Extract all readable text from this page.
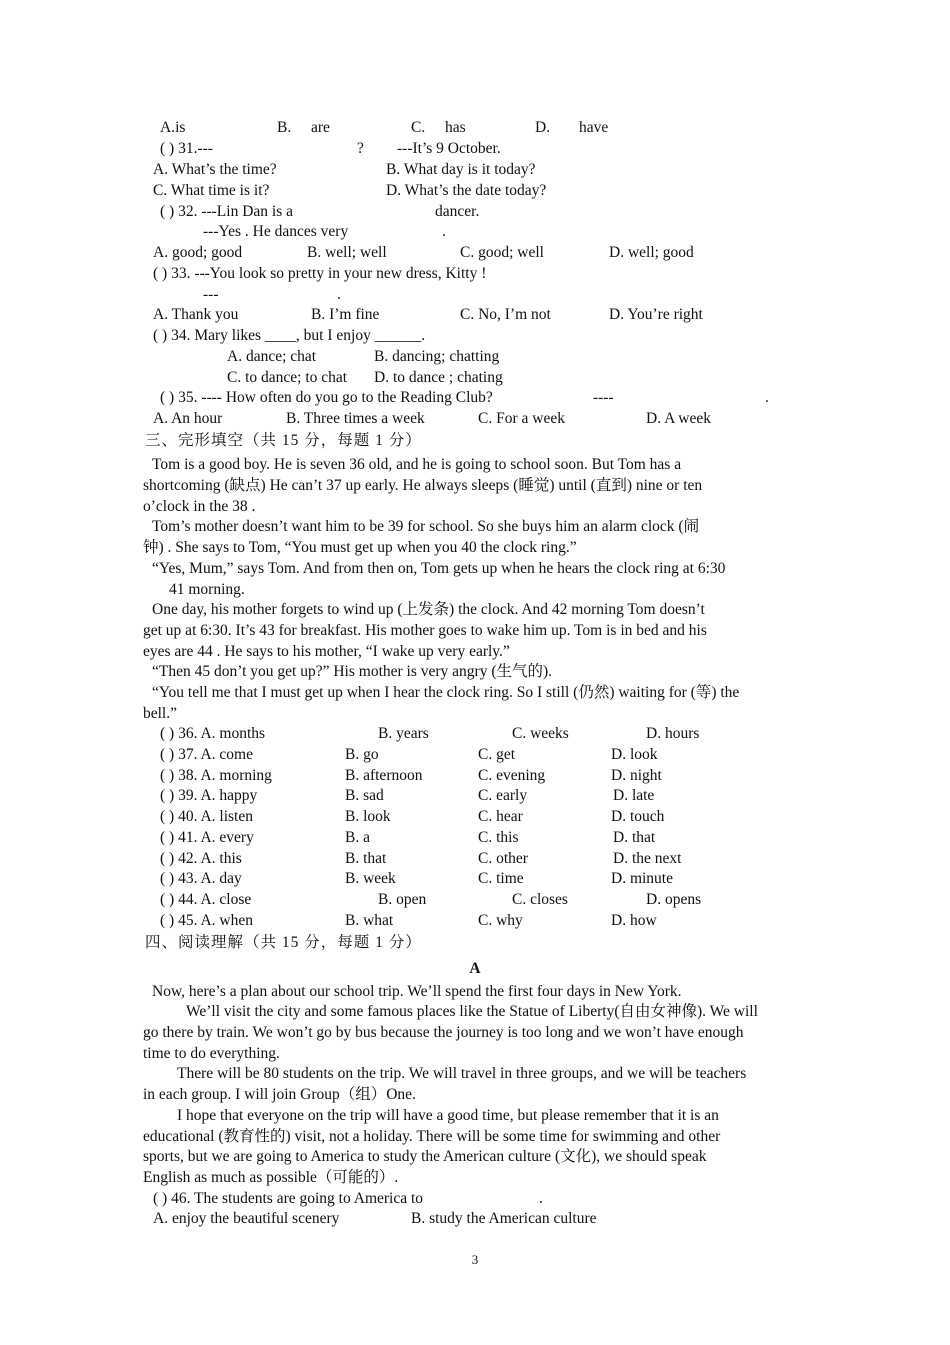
A.is	B. are	C. has	D. have
( ) 31.---	? ---It’s 9 October.
A. What’s the time?	B. What day is it today?
C. What time is it?	D. What’s the date today?
( ) 32. ---Lin Dan is a	dancer.
---Yes . He dances very	.
A. good; good	B. well; well	C. good; well	D. well; good
( ) 33. ---You look so pretty in your new dress, Kitty !
---	.
A. Thank you	B. I’m fine	C. No, I’m not	D. You’re right
( ) 34. Mary likes ____, but I enjoy ______.
A. dance; chat	B. dancing; chatting
C. to dance; to chat D. to dance ; chating
( ) 35. ---- How often do you go to the Reading Club?	----	.
A. An hour	B. Three times a week	C. For a week	D. A week
三、完形填空（共 15 分，每题 1 分）
Tom is a good boy. He is seven 36 old, and he is going to school soon. But Tom has a
shortcoming (缺点) He can’t 37 up early. He always sleeps (睡觉) until (直到) nine or ten
o’clock in the 38 .
Tom’s mother doesn’t want him to be 39 for school. So she buys him an alarm clock (闹
钟) . She says to Tom, “You must get up when you 40 the clock ring.”
“Yes, Mum,” says Tom. And from then on, Tom gets up when he hears the clock ring at 6:30
41 morning.
One day, his mother forgets to wind up (上发条) the clock. And 42 morning Tom doesn’t
get up at 6:30. It’s 43 for breakfast. His mother goes to wake him up. Tom is in bed and his
eyes are 44 . He says to his mother, “I wake up very early.”
“Then 45 don’t you get up?” His mother is very angry (生气的).
“You tell me that I must get up when I hear the clock ring. So I still (仍然) waiting for (等) the
bell.”
( ) 36. A. months	B. years	C. weeks	D. hours
( ) 37. A. come	B. go	C. get	D. look
( ) 38. A. morning	B. afternoon	C. evening	D. night
( ) 39. A. happy	B. sad	C. early	D. late
( ) 40. A. listen	B. look	C. hear	D. touch
( ) 41. A. every	B. a	C. this	D. that
( ) 42. A. this	B. that	C. other	D. the next
( ) 43. A. day	B. week	C. time	D. minute
( ) 44. A. close	B. open	C. closes	D. opens
( ) 45. A. when	B. what	C. why	D. how
四、阅读理解（共 15 分，每题 1 分）
A
Now, here’s a plan about our school trip. We’ll spend the first four days in New York.
We’ll visit the city and some famous places like the Statue of Liberty(自由女神像). We will
go there by train. We won’t go by bus because the journey is too long and we won’t have enough
time to do everything.
There will be 80 students on the trip. We will travel in three groups, and we will be teachers
in each group. I will join Group（组）One.
I hope that everyone on the trip will have a good time, but please remember that it is an
educational (教育性的) visit, not a holiday. There will be some time for swimming and other
sports, but we are going to America to study the American culture (文化), we should speak
English as much as possible（可能的）.
( ) 46. The students are going to America to	.
A. enjoy the beautiful scenery	B. study the American culture
3
